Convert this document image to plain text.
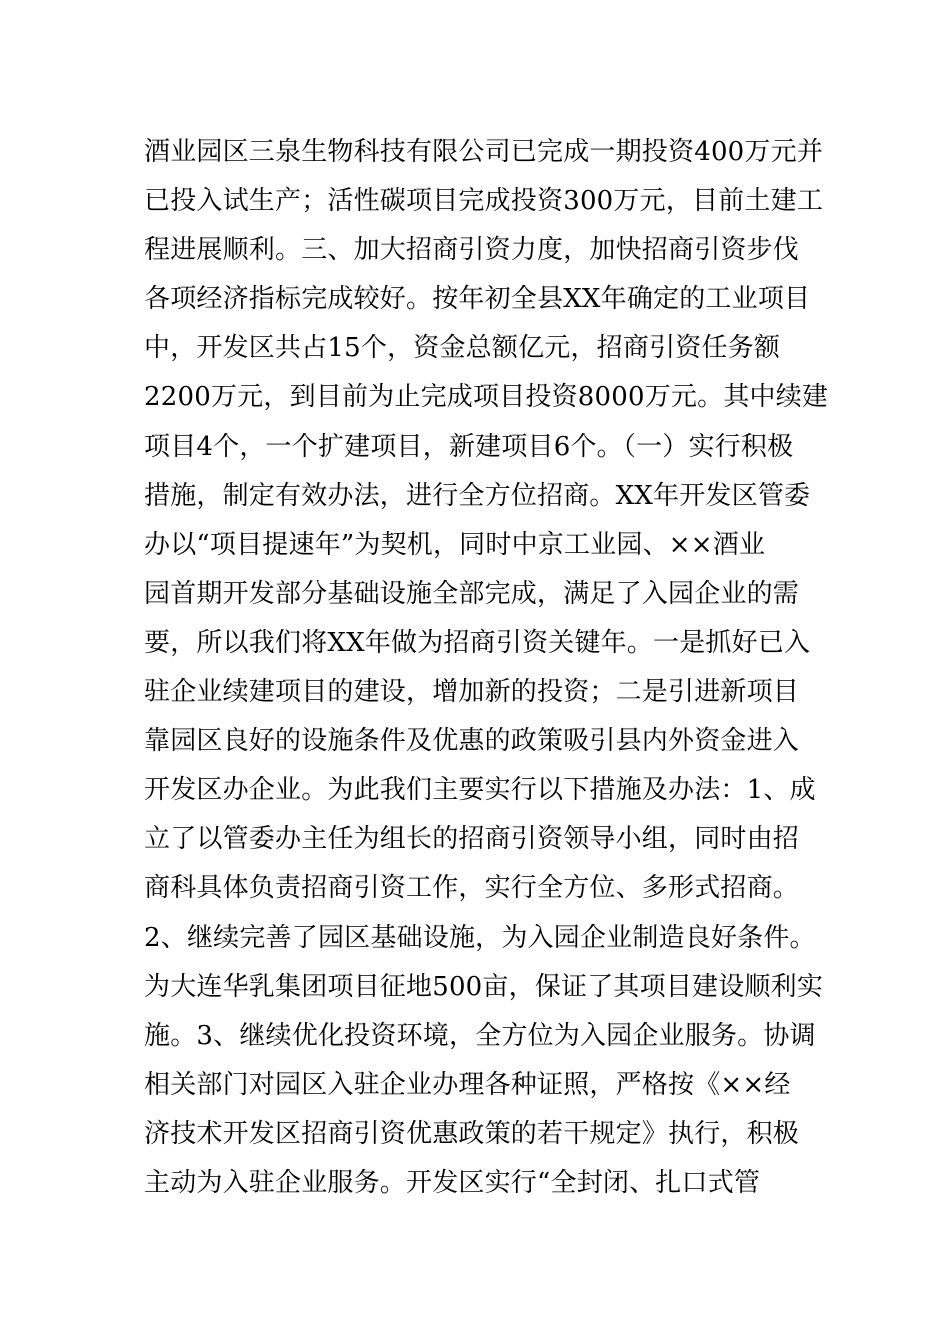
酒业园区三泉生物科技有限公司已完成一期投资400万元并
已投入试生产；活性碳项目完成投资300万元，目前土建工
程进展顺利。三、加大招商引资力度，加快招商引资步伐
各项经济指标完成较好。按年初全县XX年确定的工业项目
中，开发区共占15个，资金总额亿元，招商引资任务额
2200万元，到目前为止完成项目投资8000万元。其中续建
项目4个，一个扩建项目，新建项目6个。（一）实行积极
措施，制定有效办法，进行全方位招商。XX年开发区管委
办以“项目提速年”为契机，同时中京工业园、××酒业
园首期开发部分基础设施全部完成，满足了入园企业的需
要，所以我们将XX年做为招商引资关键年。一是抓好已入
驻企业续建项目的建设，增加新的投资；二是引进新项目
靠园区良好的设施条件及优惠的政策吸引县内外资金进入
开发区办企业。为此我们主要实行以下措施及办法：1、成
立了以管委办主任为组长的招商引资领导小组，同时由招
商科具体负责招商引资工作，实行全方位、多形式招商。
2、继续完善了园区基础设施，为入园企业制造良好条件。
为大连华乳集团项目征地500亩，保证了其项目建设顺利实
施。3、继续优化投资环境，全方位为入园企业服务。协调
相关部门对园区入驻企业办理各种证照，严格按《××经
济技术开发区招商引资优惠政策的若干规定》执行，积极
主动为入驻企业服务。开发区实行“全封闭、扎口式管
